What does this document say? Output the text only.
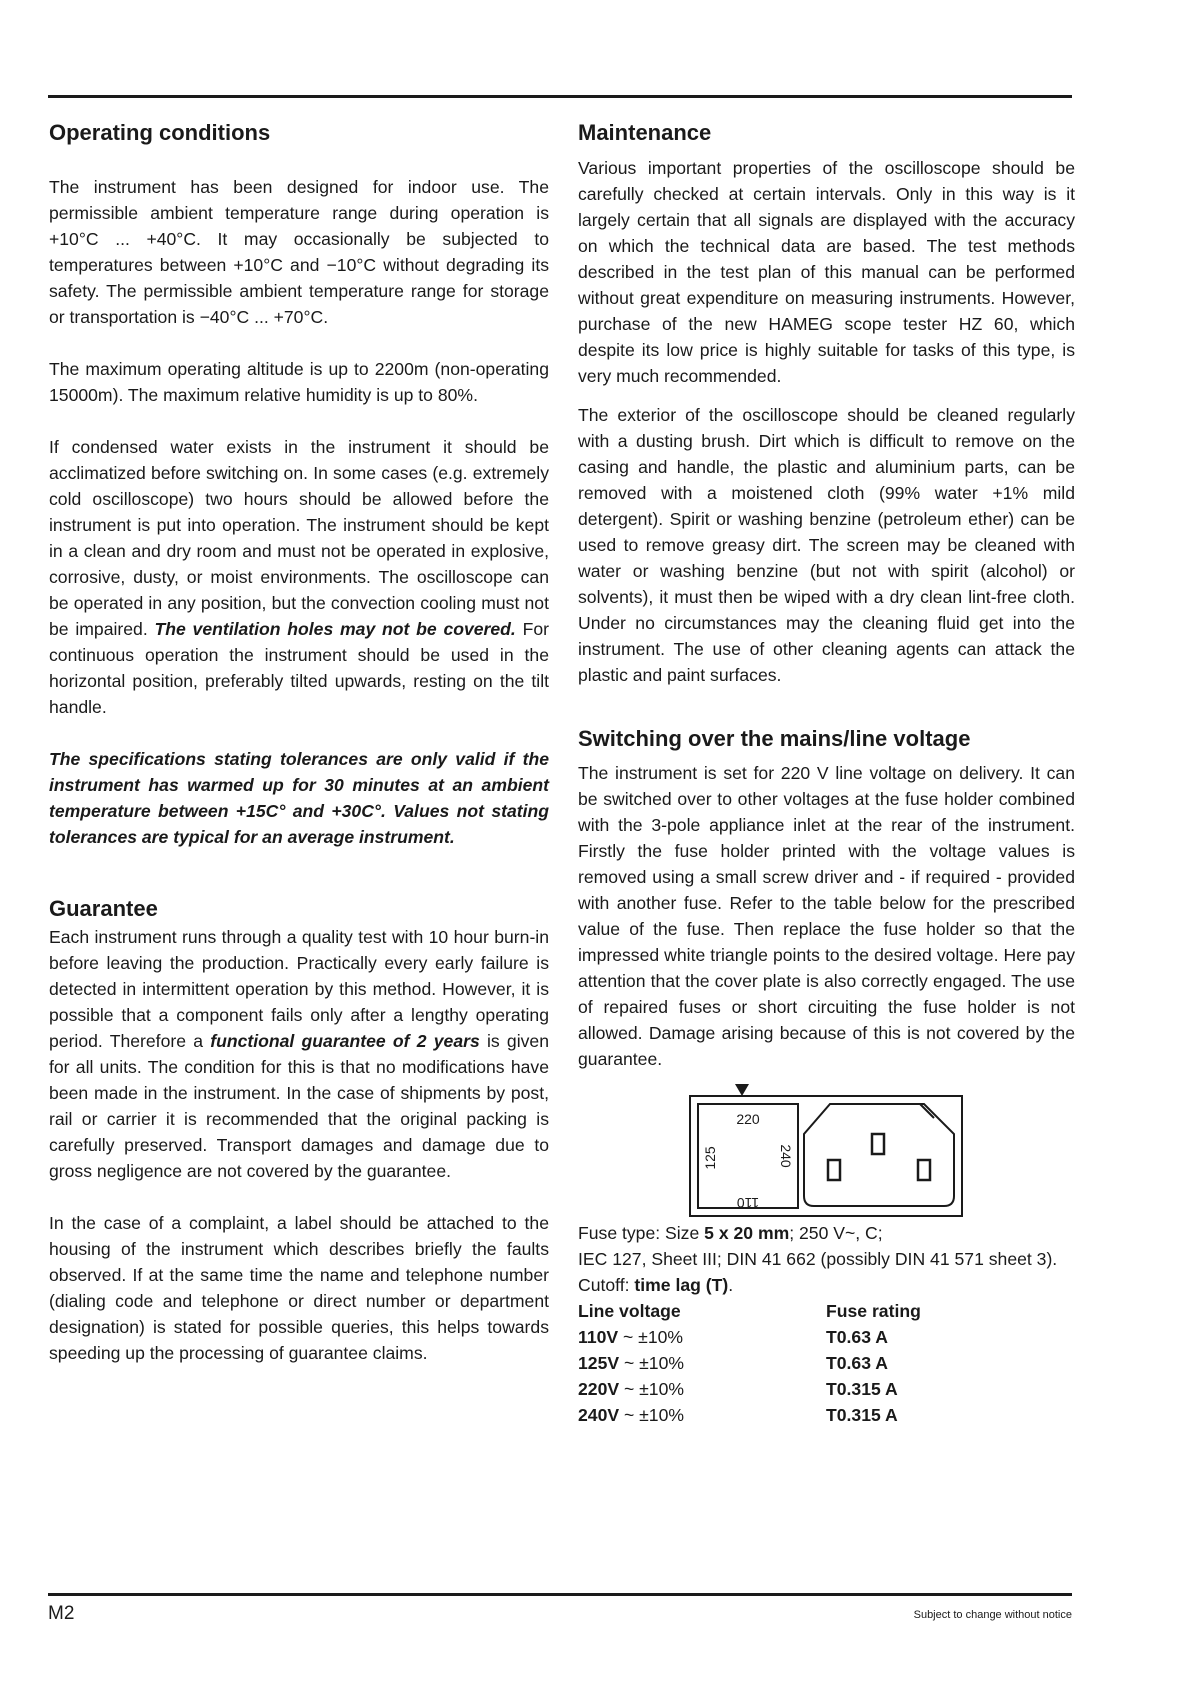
Operating conditions

The instrument has been designed for indoor use. The permissible ambient temperature range during operation is +10°C ... +40°C. It may occasionally be subjected to temperatures between +10°C and −10°C without degrading its safety. The permissible ambient temperature range for storage or transportation is −40°C ... +70°C.

The maximum operating altitude is up to 2200m (non-operating 15000m). The maximum relative humidity is up to 80%.

If condensed water exists in the instrument it should be acclimatized before switching on. In some cases (e.g. extremely cold oscilloscope) two hours should be allowed before the instrument is put into operation. The instrument should be kept in a clean and dry room and must not be operated in explosive, corrosive, dusty, or moist environments. The oscilloscope can be operated in any position, but the convection cooling must not be impaired. The ventilation holes may not be covered. For continuous operation the instrument should be used in the horizontal position, preferably tilted upwards, resting on the tilt handle.

The specifications stating tolerances are only valid if the instrument has warmed up for 30 minutes at an ambient temperature between +15C° and +30C°. Values not stating tolerances are typical for an average instrument.

Guarantee

Each instrument runs through a quality test with 10 hour burn-in before leaving the production. Practically every early failure is detected in intermittent operation by this method. However, it is possible that a component fails only after a lengthy operating period. Therefore a functional guarantee of 2 years is given for all units. The condition for this is that no modifications have been made in the instrument. In the case of shipments by post, rail or carrier it is recommended that the original packing is carefully preserved. Transport damages and damage due to gross negligence are not covered by the guarantee.

In the case of a complaint, a label should be attached to the housing of the instrument which describes briefly the faults observed. If at the same time the name and telephone number (dialing code and telephone or direct number or department designation) is stated for possible queries, this helps towards speeding up the processing of guarantee claims.

Maintenance

Various important properties of the oscilloscope should be carefully checked at certain intervals. Only in this way is it largely certain that all signals are displayed with the accuracy on which the technical data are based. The test methods described in the test plan of this manual can be performed without great expenditure on measuring instruments. However, purchase of the new HAMEG scope tester HZ 60, which despite its low price is highly suitable for tasks of this type, is very much recommended.

The exterior of the oscilloscope should be cleaned regularly with a dusting brush. Dirt which is difficult to remove on the casing and handle, the plastic and aluminium parts, can be removed with a moistened cloth (99% water +1% mild detergent). Spirit or washing benzine (petroleum ether) can be used to remove greasy dirt. The screen may be cleaned with water or washing benzine (but not with spirit (alcohol) or solvents), it must then be wiped with a dry clean lint-free cloth. Under no circumstances may the cleaning fluid get into the instrument. The use of other cleaning agents can attack the plastic and paint surfaces.

Switching over the mains/line voltage

The instrument is set for 220 V line voltage on delivery. It can be switched over to other voltages at the fuse holder combined with the 3-pole appliance inlet at the rear of the instrument. Firstly the fuse holder printed with the voltage values is removed using a small screw driver and - if required - provided with another fuse. Refer to the table below for the prescribed value of the fuse. Then replace the fuse holder so that the impressed white triangle points to the desired voltage. Here pay attention that the cover plate is also correctly engaged. The use of repaired fuses or short circuiting the fuse holder is not allowed. Damage arising because of this is not covered by the guarantee.

220
125	240
110

Fuse type: Size 5 x 20 mm; 250 V~, C;

IEC 127, Sheet III; DIN 41 662 (possibly DIN 41 571 sheet 3).

Cutoff: time lag (T).

Line voltage	Fuse rating
110V ~ ±10%	T0.63 A
125V ~ ±10%	T0.63 A
220V ~ ±10%	T0.315 A
240V ~ ±10%	T0.315 A
M2	Subject to change without notice
